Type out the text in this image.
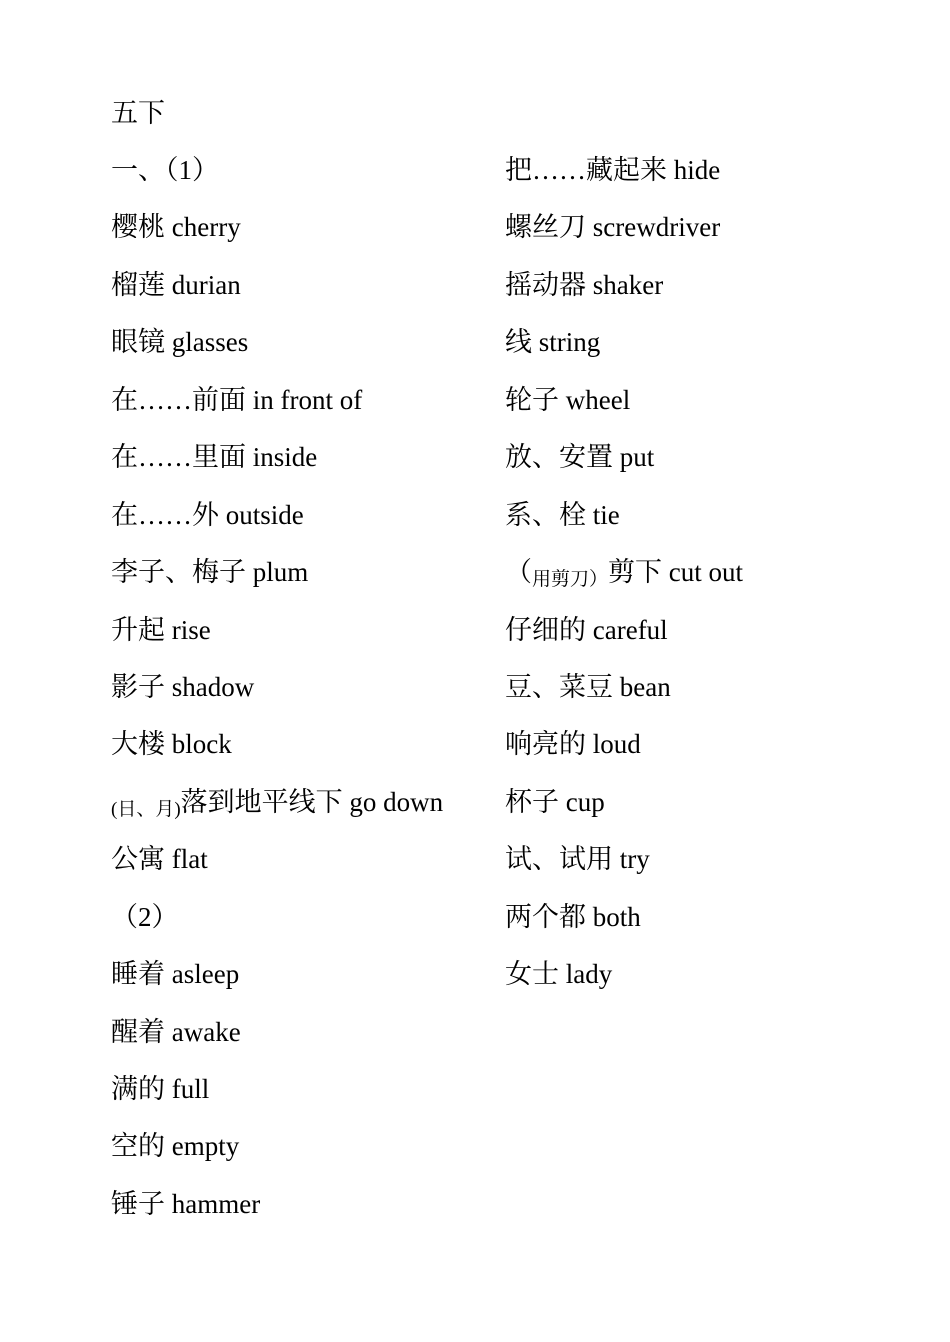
五下
一、（1）
樱桃 cherry
榴莲 durian
眼镜 glasses
在……前面 in front of
在……里面 inside
在……外 outside
李子、梅子 plum
升起 rise
影子 shadow
大楼 block
(日、月)落到地平线下 go down
公寓 flat
（2）
睡着 asleep
醒着 awake
满的 full
空的 empty
锤子 hammer
把……藏起来 hide
螺丝刀 screwdriver
摇动器 shaker
线 string
轮子 wheel
放、安置 put
系、栓 tie
（用剪刀）剪下 cut out
仔细的 careful
豆、菜豆 bean
响亮的 loud
杯子 cup
试、试用 try
两个都 both
女士 lady
